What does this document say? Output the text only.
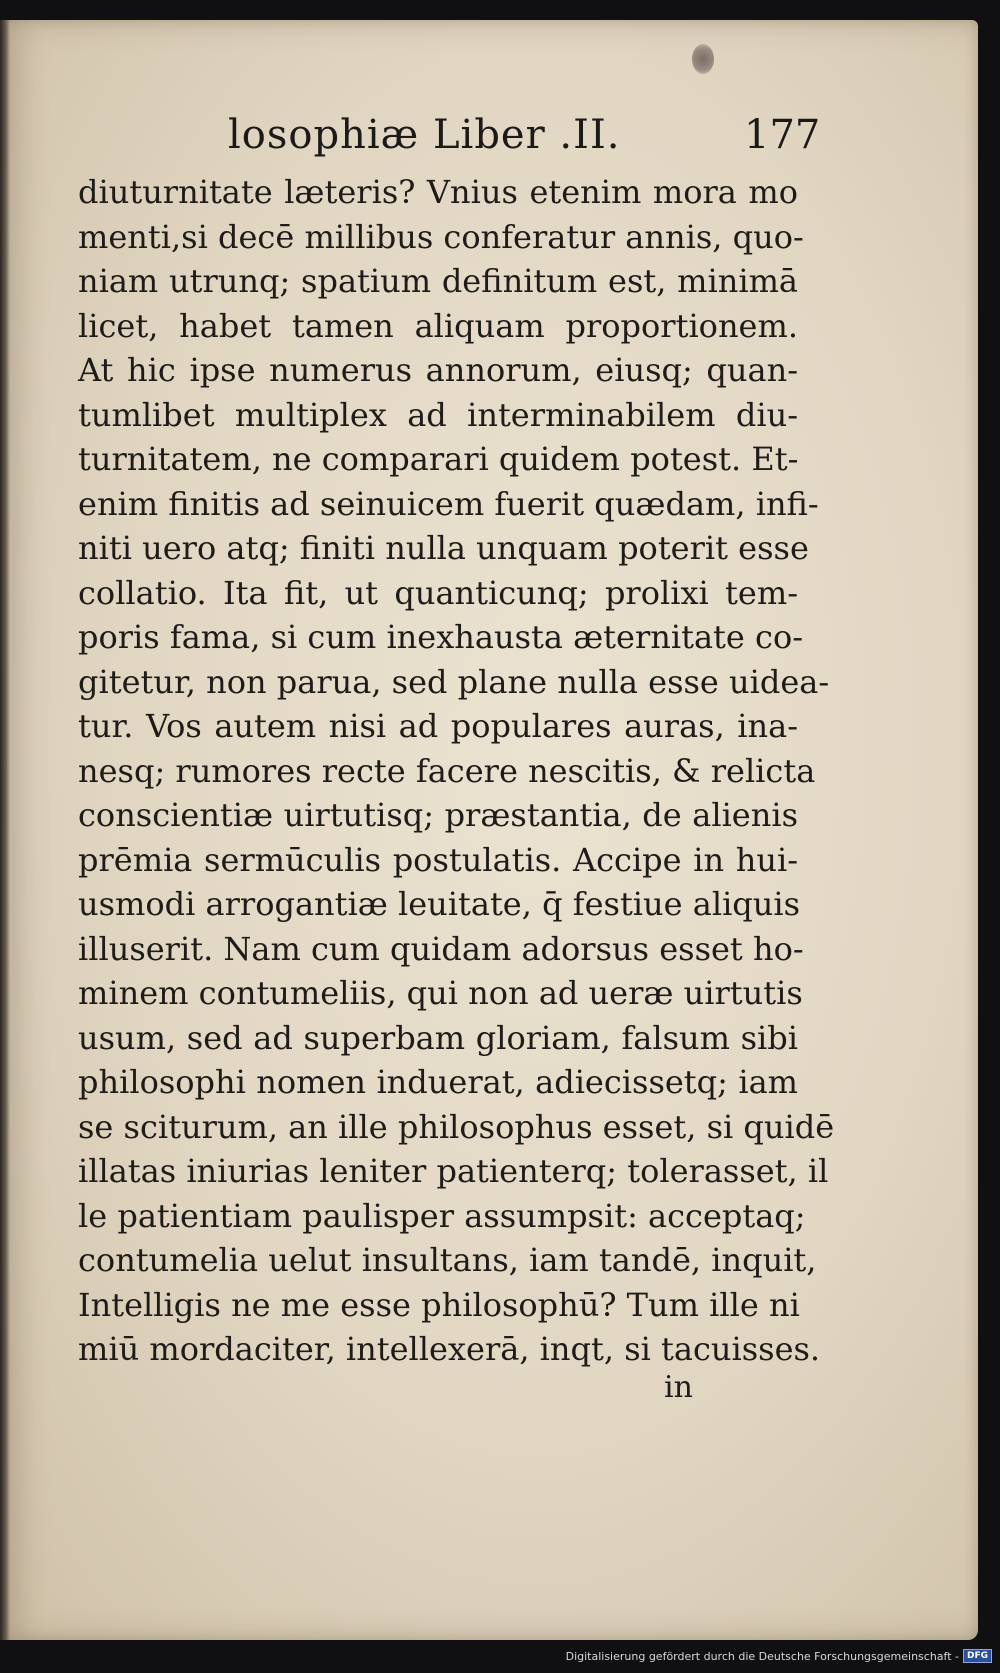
losophiæ Liber .II.	177
diuturnitate læteris? Vnius etenim mora mo
menti,si decē millibus conferatur annis, quo-
niam utrunq; spatium definitum est, minimā
licet, habet tamen aliquam proportionem.
At hic ipse numerus annorum, eiusq; quan-
tumlibet multiplex ad interminabilem diu-
turnitatem, ne comparari quidem potest. Et-
enim finitis ad seinuicem fuerit quædam, infi-
niti uero atq; finiti nulla unquam poterit esse
collatio. Ita fit, ut quanticunq; prolixi tem-
poris fama, si cum inexhausta æternitate co-
gitetur, non parua, sed plane nulla esse uidea-
tur. Vos autem nisi ad populares auras, ina-
nesq; rumores recte facere nescitis, & relicta
conscientiæ uirtutisq; præstantia, de alienis
prēmia sermūculis postulatis. Accipe in hui-
usmodi arrogantiæ leuitate, q̄ festiue aliquis
illuserit. Nam cum quidam adorsus esset ho-
minem contumeliis, qui non ad ueræ uirtutis
usum, sed ad superbam gloriam, falsum sibi
philosophi nomen induerat, adiecissetq; iam
se sciturum, an ille philosophus esset, si quidē
illatas iniurias leniter patienterq; tolerasset, il
le patientiam paulisper assumpsit: acceptaq;
contumelia uelut insultans, iam tandē, inquit,
Intelligis ne me esse philosophū? Tum ille ni
miū mordaciter, intellexerā, inqt, si tacuisses.
in
Digitalisierung gefördert durch die Deutsche Forschungsgemeinschaft - DFG
